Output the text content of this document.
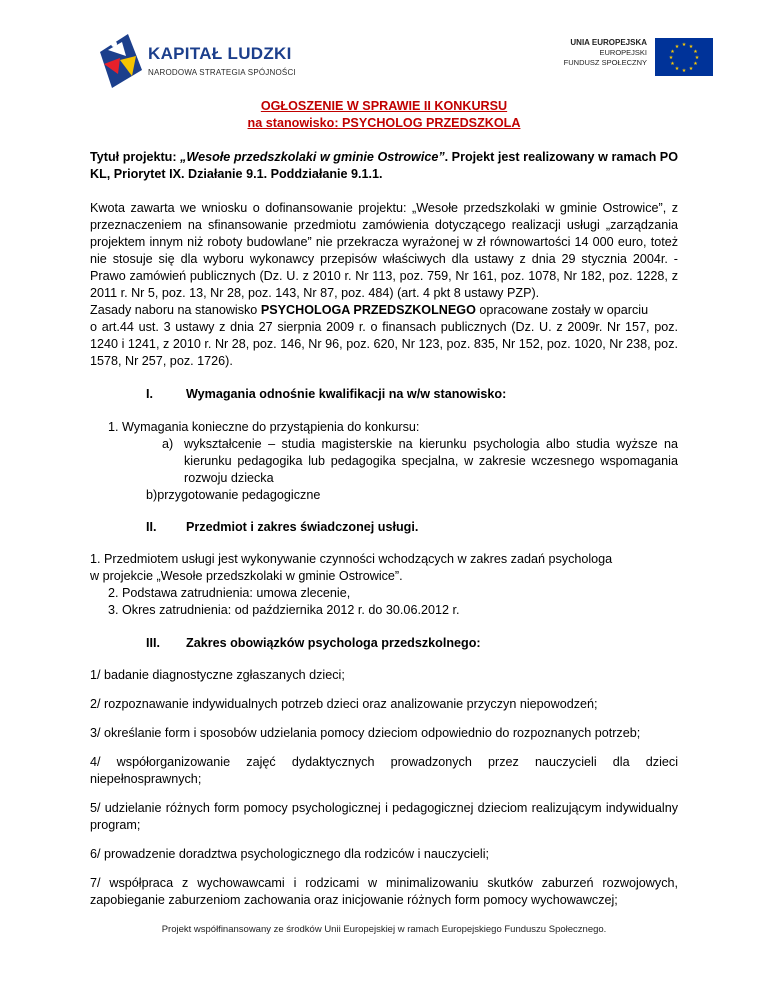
KAPITAŁ LUDZKI
NARODOWA STRATEGIA SPÓJNOŚCI
UNIA EUROPEJSKA
EUROPEJSKI
FUNDUSZ SPOŁECZNY
★ ★
★
★
★
★
★
★
★
★
★
★

OGŁOSZENIE W SPRAWIE II KONKURSU

na stanowisko: PSYCHOLOG PRZEDSZKOLA

Tytuł projektu: „Wesołe przedszkolaki w gminie Ostrowice”. Projekt jest realizowany w ramach PO KL, Priorytet IX. Działanie 9.1. Poddziałanie 9.1.1.

Kwota zawarta we wniosku o dofinansowanie projektu: „Wesołe przedszkolaki w gminie Ostrowice”, z przeznaczeniem na sfinansowanie przedmiotu zamówienia dotyczącego realizacji usługi „zarządzania projektem innym niż roboty budowlane” nie przekracza wyrażonej w zł równowartości 14 000 euro, toteż nie stosuje się dla wyboru wykonawcy przepisów właściwych dla ustawy z dnia 29 stycznia 2004r. - Prawo zamówień publicznych (Dz. U. z 2010 r. Nr 113, poz. 759, Nr 161, poz. 1078, Nr 182, poz. 1228, z 2011 r. Nr 5, poz. 13, Nr 28, poz. 143, Nr 87, poz. 484) (art. 4 pkt 8 ustawy PZP).

Zasady naboru na stanowisko PSYCHOLOGA PRZEDSZKOLNEGO opracowane zostały w oparciu

o art.44 ust. 3 ustawy z dnia 27 sierpnia 2009 r. o finansach publicznych (Dz. U. z 2009r. Nr 157, poz. 1240 i 1241, z 2010 r. Nr 28, poz. 146, Nr 96, poz. 620, Nr 123, poz. 835, Nr 152, poz. 1020, Nr 238, poz. 1578, Nr 257, poz. 1726).

I.	Wymagania odnośnie kwalifikacji na w/w stanowisko:

1. Wymagania konieczne do przystąpienia do konkursu:

a) wykształcenie – studia magisterskie na kierunku psychologia albo studia wyższe na kierunku pedagogika lub pedagogika specjalna, w zakresie wczesnego wspomagania rozwoju dziecka

b)przygotowanie pedagogiczne

II. Przedmiot i zakres świadczonej usługi.

1. Przedmiotem usługi jest wykonywanie czynności wchodzących w zakres zadań psychologa

w projekcie „Wesołe przedszkolaki w gminie Ostrowice”.

2. Podstawa zatrudnienia: umowa zlecenie,

3. Okres zatrudnienia: od października 2012 r. do 30.06.2012 r.

III. Zakres obowiązków psychologa przedszkolnego:

1/ badanie diagnostyczne zgłaszanych dzieci;

2/ rozpoznawanie indywidualnych potrzeb dzieci oraz analizowanie przyczyn niepowodzeń;

3/ określanie form i sposobów udzielania pomocy dzieciom odpowiednio do rozpoznanych potrzeb;

4/ współorganizowanie zajęć dydaktycznych prowadzonych przez nauczycieli dla dzieci niepełnosprawnych;

5/ udzielanie różnych form pomocy psychologicznej i pedagogicznej dzieciom realizującym indywidualny program;

6/ prowadzenie doradztwa psychologicznego dla rodziców i nauczycieli;

7/ współpraca z wychowawcami i rodzicami w minimalizowaniu skutków zaburzeń rozwojowych, zapobieganie zaburzeniom zachowania oraz inicjowanie różnych form pomocy wychowawczej;

Projekt współfinansowany ze środków Unii Europejskiej w ramach Europejskiego Funduszu Społecznego.
